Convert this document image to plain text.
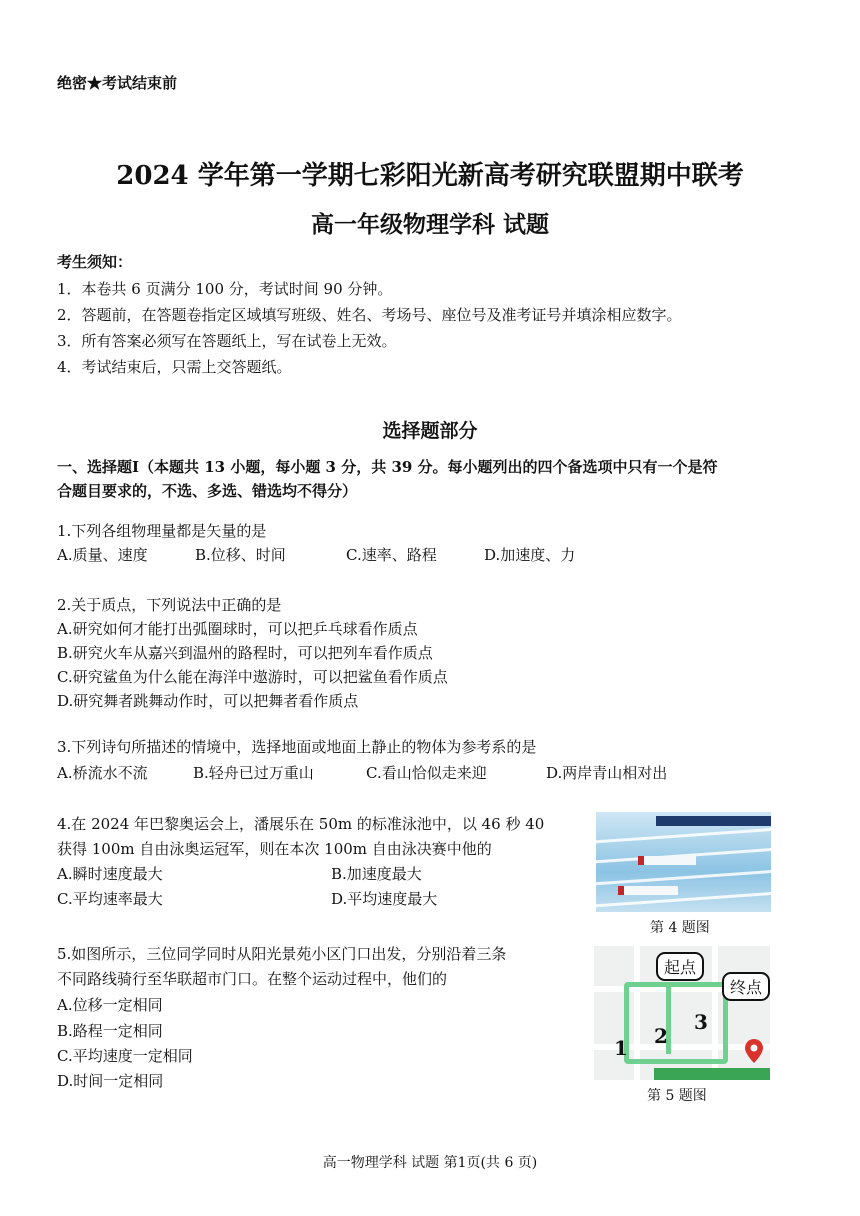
绝密★考试结束前
2024 学年第一学期七彩阳光新高考研究联盟期中联考
高一年级物理学科 试题
考生须知：
1．本卷共 6 页满分 100 分，考试时间 90 分钟。
2．答题前，在答题卷指定区域填写班级、姓名、考场号、座位号及准考证号并填涂相应数字。
3．所有答案必须写在答题纸上，写在试卷上无效。
4．考试结束后，只需上交答题纸。
选择题部分
一、选择题Ⅰ（本题共 13 小题，每小题 3 分，共 39 分。每小题列出的四个备选项中只有一个是符
合题目要求的，不选、多选、错选均不得分）
1.下列各组物理量都是矢量的是
A.质量、速度	B.位移、时间	C.速率、路程	D.加速度、力
2.关于质点，下列说法中正确的是
A.研究如何才能打出弧圈球时，可以把乒乓球看作质点
B.研究火车从嘉兴到温州的路程时，可以把列车看作质点
C.研究鲨鱼为什么能在海洋中遨游时，可以把鲨鱼看作质点
D.研究舞者跳舞动作时，可以把舞者看作质点
3.下列诗句所描述的情境中，选择地面或地面上静止的物体为参考系的是
A.桥流水不流	B.轻舟已过万重山	C.看山恰似走来迎	D.两岸青山相对出
4.在 2024 年巴黎奥运会上，潘展乐在 50m 的标准泳池中，以 46 秒 40
获得 100m 自由泳奥运冠军，则在本次 100m 自由泳决赛中他的
A.瞬时速度最大	B.加速度最大
C.平均速率最大	D.平均速度最大
第 4 题图
5.如图所示，三位同学同时从阳光景苑小区门口出发，分别沿着三条
不同路线骑行至华联超市门口。在整个运动过程中，他们的
A.位移一定相同
B.路程一定相同
C.平均速度一定相同
D.时间一定相同
起点
终点
1 2
3
第 5 题图
高一物理学科 试题 第1页(共 6 页)
